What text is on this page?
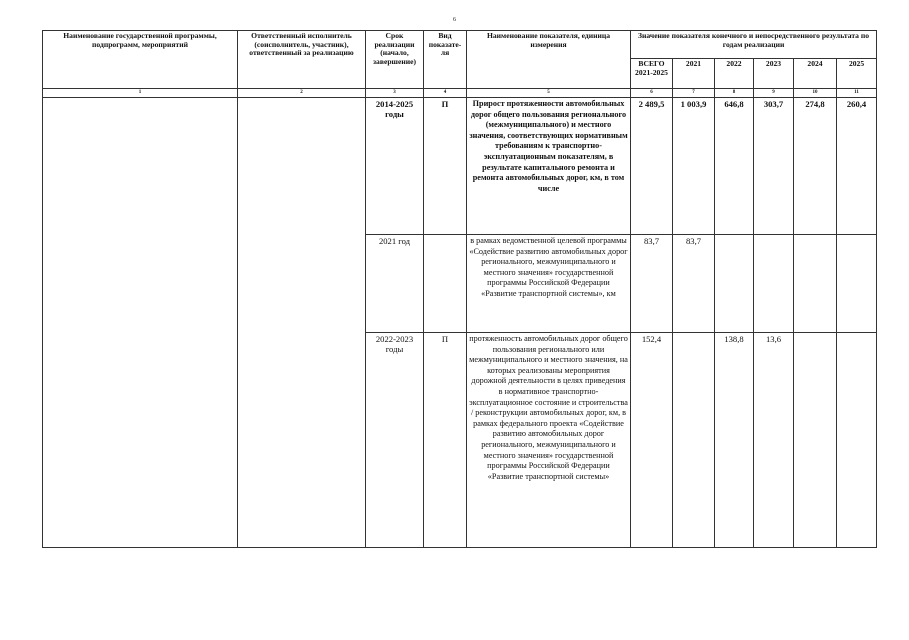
6
Наименование государственной программы, подпрограмм, мероприятий	Ответственный исполнитель (соисполнитель, участник), ответственный за реализацию	Срок реализации (начало, завершение)	Вид показате-ля	Наименование показателя, единица измерения	Значение показателя конечного и непосредственного результата по годам реализации					
					ВСЕГО 2021-2025	2021	2022	2023	2024	2025
1	2	3	4	5	6	7	8	9	10	11
		2014-2025 годы	П	Прирост протяженности автомобильных дорог общего пользования регионального (межмуниципального) и местного значения, соответствующих нормативным требованиям к транспортно-эксплуатационным показателям, в результате капитального ремонта и ремонта автомобильных дорог, км, в том числе	2 489,5	1 003,9	646,8	303,7	274,8	260,4
		2021 год		в рамках ведомственной целевой программы «Содействие развитию автомобильных дорог регионального, межмуниципального и местного значения» государственной программы Российской Федерации «Развитие транспортной системы», км	83,7	83,7				
		2022-2023 годы	П	протяженность автомобильных дорог общего пользования регионального или межмуниципального и местного значения, на которых реализованы мероприятия дорожной деятельности в целях приведения в нормативное транспортно-эксплуатационное состояние и строительства / реконструкции автомобильных дорог, км, в рамках федерального проекта «Содействие развитию автомобильных дорог регионального, межмуниципального и местного значения» государственной программы Российской Федерации «Развитие транспортной системы»	152,4		138,8	13,6		
